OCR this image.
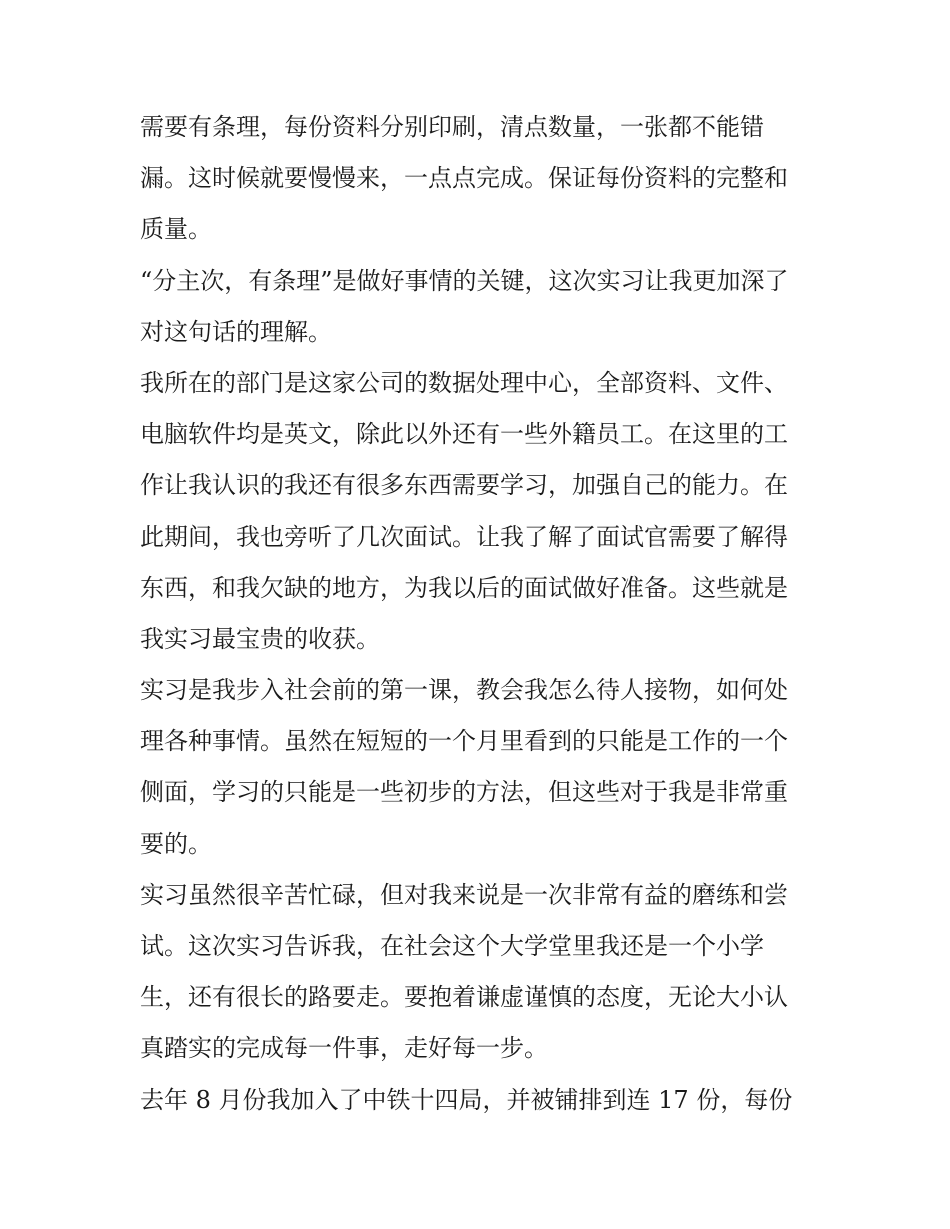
需要有条理，每份资料分别印刷，清点数量，一张都不能错
漏。这时候就要慢慢来，一点点完成。保证每份资料的完整和
质量。
“分主次，有条理”是做好事情的关键，这次实习让我更加深了
对这句话的理解。
我所在的部门是这家公司的数据处理中心，全部资料、文件、
电脑软件均是英文，除此以外还有一些外籍员工。在这里的工
作让我认识的我还有很多东西需要学习，加强自己的能力。在
此期间，我也旁听了几次面试。让我了解了面试官需要了解得
东西，和我欠缺的地方，为我以后的面试做好准备。这些就是
我实习最宝贵的收获。
实习是我步入社会前的第一课，教会我怎么待人接物，如何处
理各种事情。虽然在短短的一个月里看到的只能是工作的一个
侧面，学习的只能是一些初步的方法，但这些对于我是非常重
要的。
实习虽然很辛苦忙碌，但对我来说是一次非常有益的磨练和尝
试。这次实习告诉我，在社会这个大学堂里我还是一个小学
生，还有很长的路要走。要抱着谦虚谨慎的态度，无论大小认
真踏实的完成每一件事，走好每一步。
去年 8 月份我加入了中铁十四局，并被铺排到连 17 份，每份
